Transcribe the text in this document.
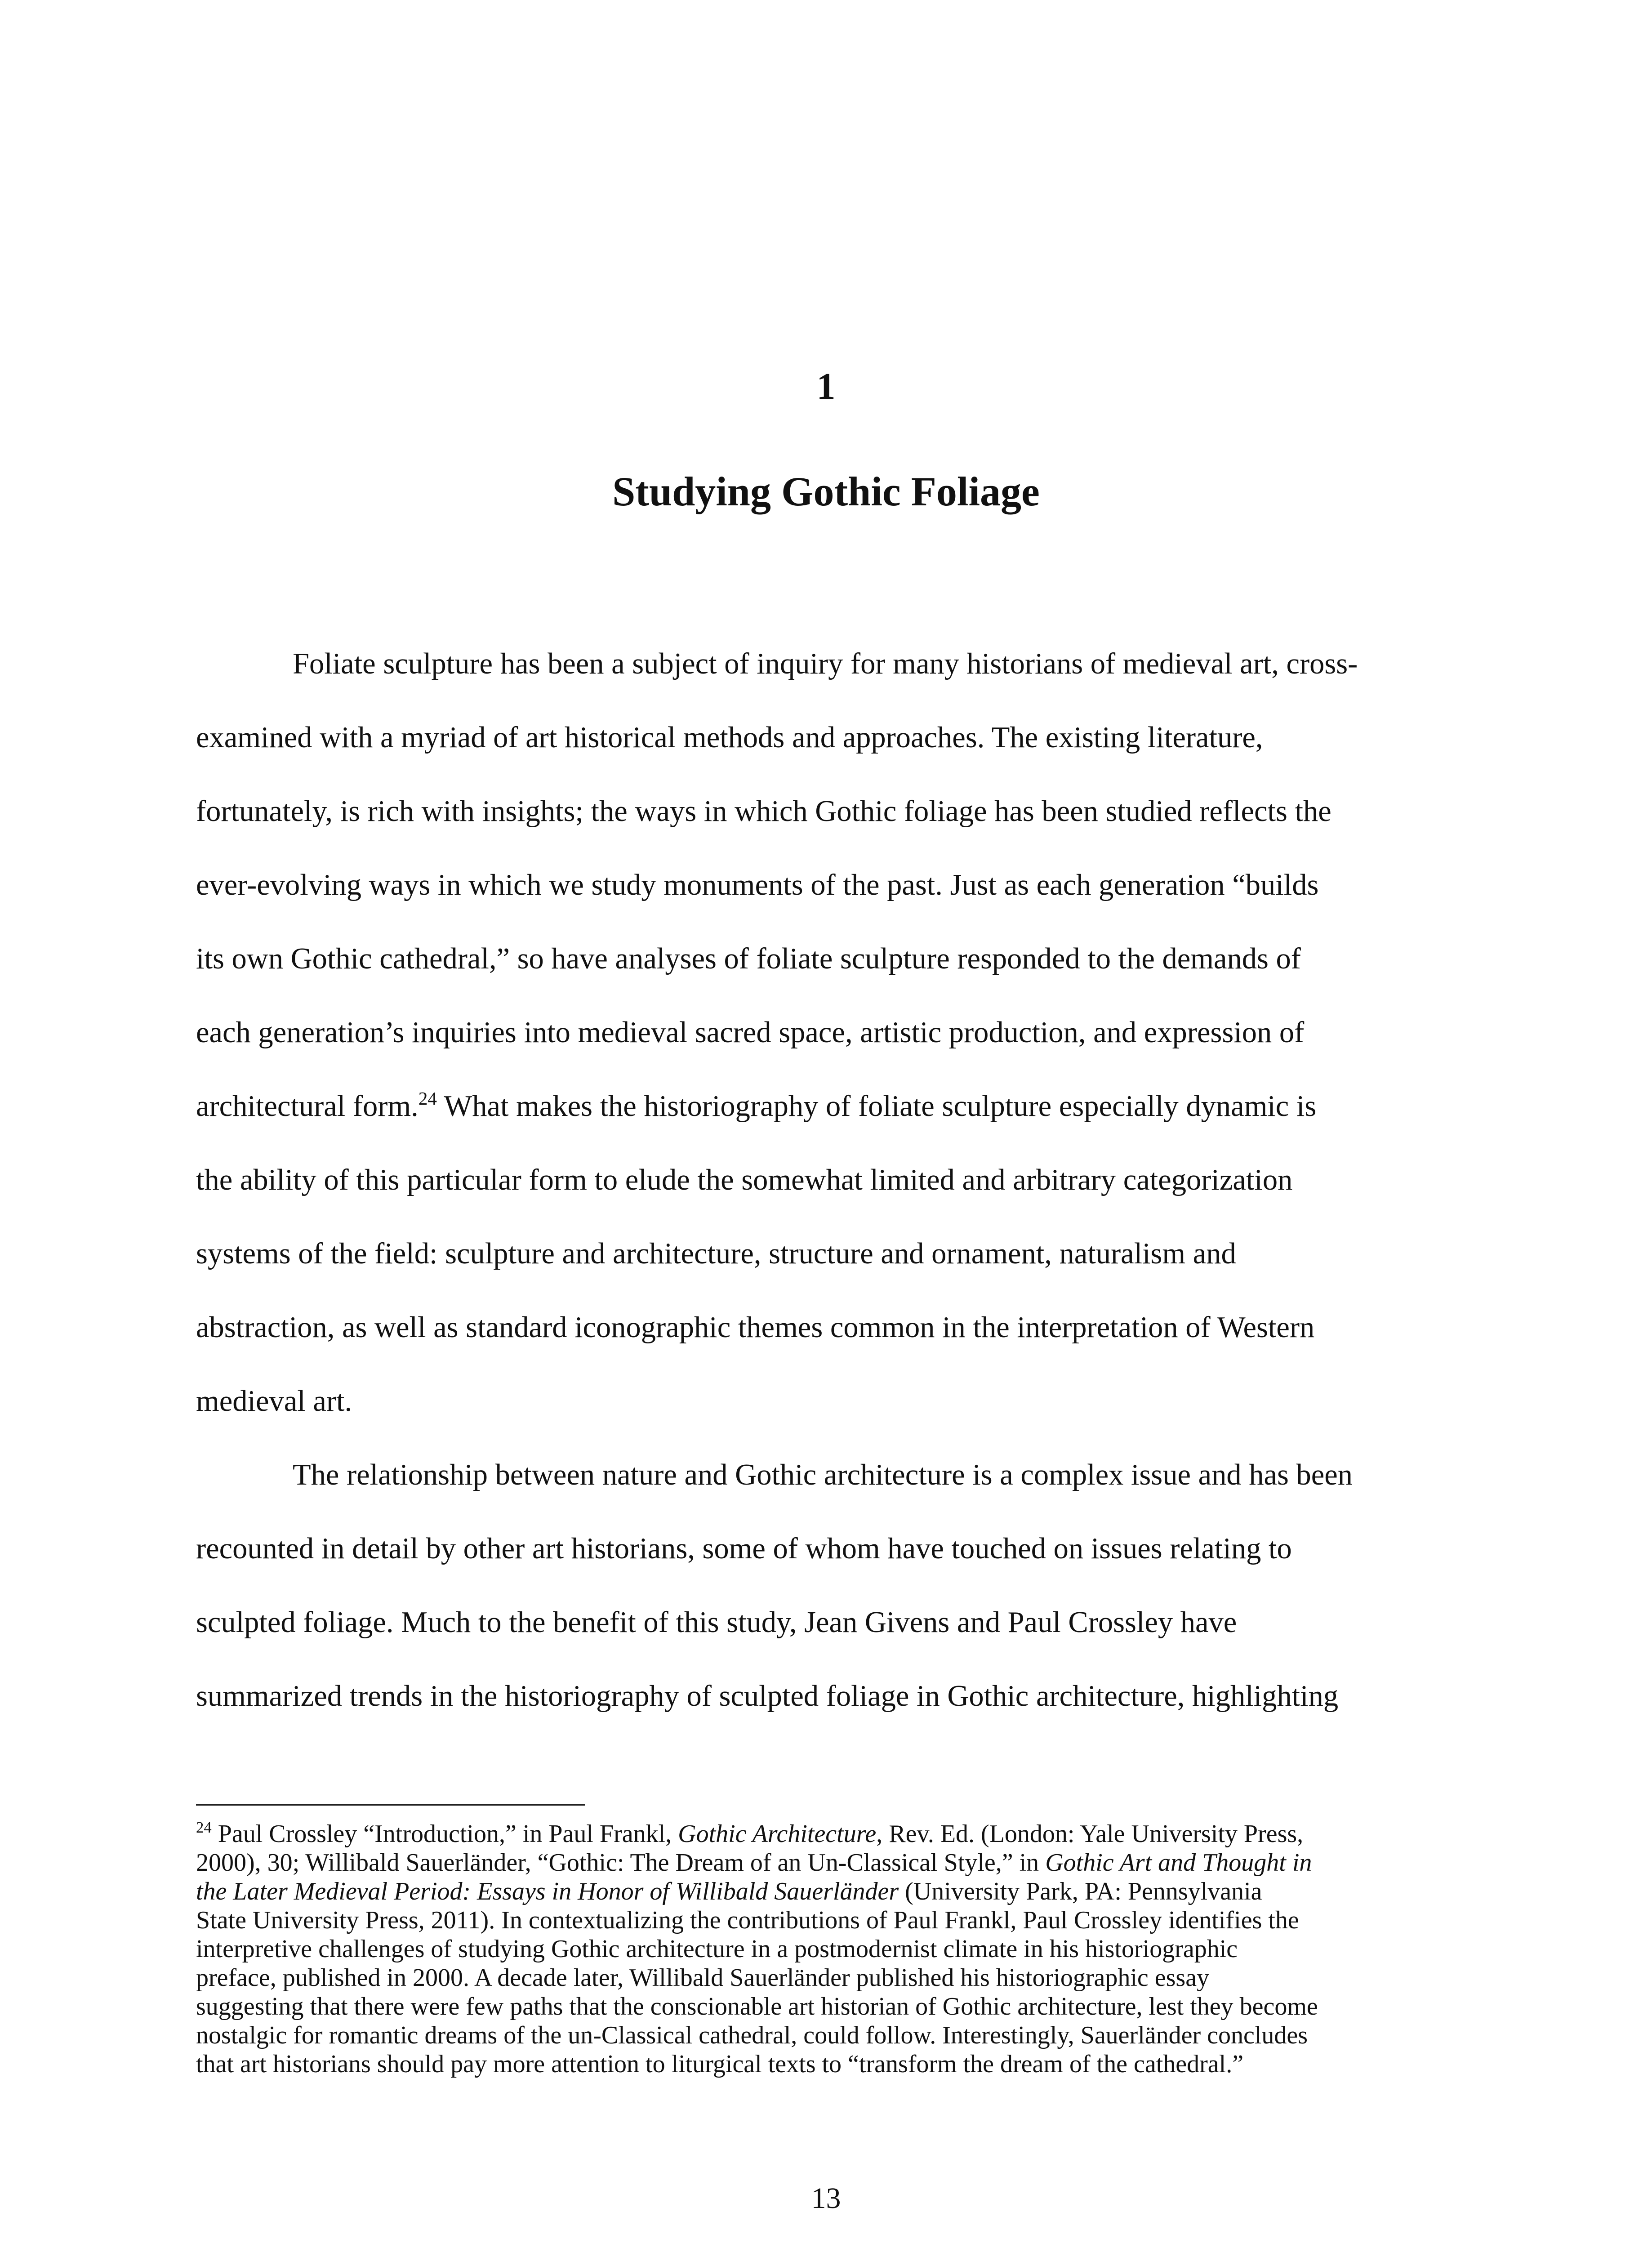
1
Studying Gothic Foliage

Foliate sculpture has been a subject of inquiry for many historians of medieval art, cross-

examined with a myriad of art historical methods and approaches. The existing literature,

fortunately, is rich with insights; the ways in which Gothic foliage has been studied reflects the

ever-evolving ways in which we study monuments of the past. Just as each generation “builds

its own Gothic cathedral,” so have analyses of foliate sculpture responded to the demands of

each generation’s inquiries into medieval sacred space, artistic production, and expression of

architectural form.$^{24}$ What makes the historiography of foliate sculpture especially dynamic is

the ability of this particular form to elude the somewhat limited and arbitrary categorization

systems of the field: sculpture and architecture, structure and ornament, naturalism and

abstraction, as well as standard iconographic themes common in the interpretation of Western

medieval art.

The relationship between nature and Gothic architecture is a complex issue and has been

recounted in detail by other art historians, some of whom have touched on issues relating to

sculpted foliage. Much to the benefit of this study, Jean Givens and Paul Crossley have

summarized trends in the historiography of sculpted foliage in Gothic architecture, highlighting

$^{24}$ Paul Crossley “Introduction,” in Paul Frankl, Gothic Architecture, Rev. Ed. (London: Yale University Press,

2000), 30; Willibald Sauerländer, “Gothic: The Dream of an Un-Classical Style,” in Gothic Art and Thought in

the Later Medieval Period: Essays in Honor of Willibald Sauerländer (University Park, PA: Pennsylvania

State University Press, 2011). In contextualizing the contributions of Paul Frankl, Paul Crossley identifies the

interpretive challenges of studying Gothic architecture in a postmodernist climate in his historiographic

preface, published in 2000. A decade later, Willibald Sauerländer published his historiographic essay

suggesting that there were few paths that the conscionable art historian of Gothic architecture, lest they become

nostalgic for romantic dreams of the un-Classical cathedral, could follow. Interestingly, Sauerländer concludes

that art historians should pay more attention to liturgical texts to “transform the dream of the cathedral.”

13
